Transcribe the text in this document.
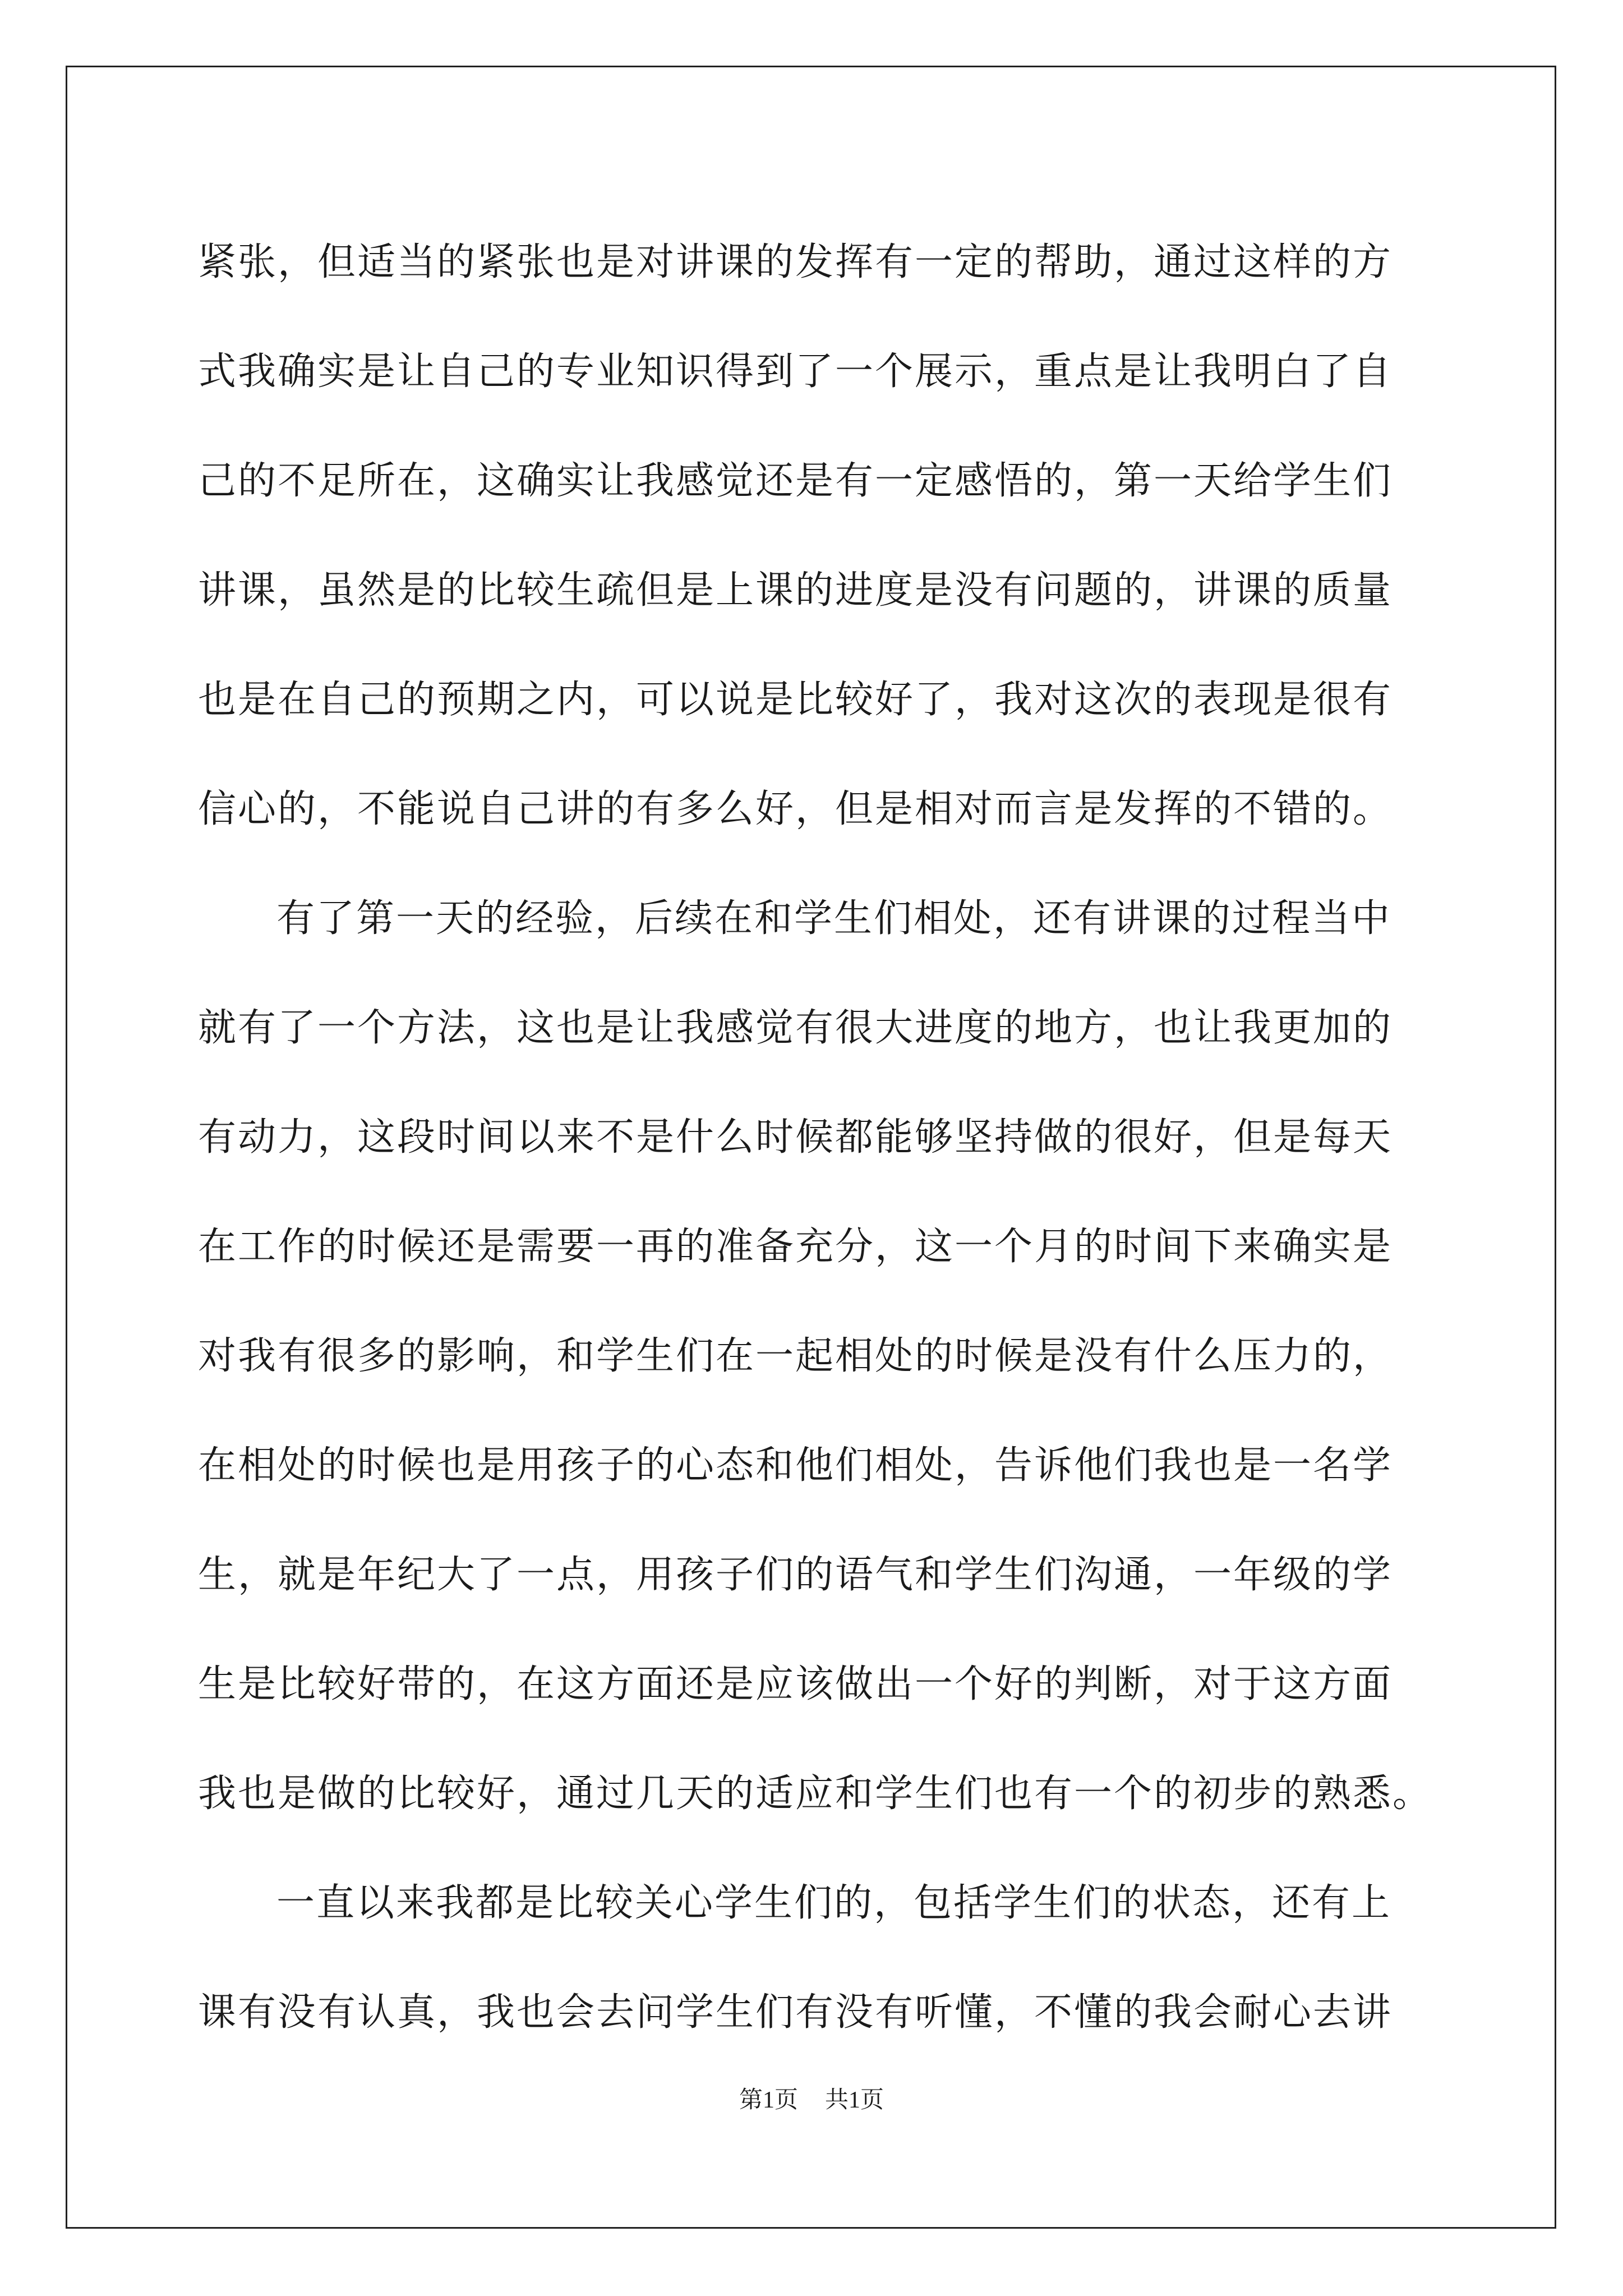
紧张，但适当的紧张也是对讲课的发挥有一定的帮助，通过这样的方
式我确实是让自己的专业知识得到了一个展示，重点是让我明白了自
己的不足所在，这确实让我感觉还是有一定感悟的，第一天给学生们
讲课，虽然是的比较生疏但是上课的进度是没有问题的，讲课的质量
也是在自己的预期之内，可以说是比较好了，我对这次的表现是很有
信心的，不能说自己讲的有多么好，但是相对而言是发挥的不错的。
有了第一天的经验，后续在和学生们相处，还有讲课的过程当中
就有了一个方法，这也是让我感觉有很大进度的地方，也让我更加的
有动力，这段时间以来不是什么时候都能够坚持做的很好，但是每天
在工作的时候还是需要一再的准备充分，这一个月的时间下来确实是
对我有很多的影响，和学生们在一起相处的时候是没有什么压力的，
在相处的时候也是用孩子的心态和他们相处，告诉他们我也是一名学
生，就是年纪大了一点，用孩子们的语气和学生们沟通，一年级的学
生是比较好带的，在这方面还是应该做出一个好的判断，对于这方面
我也是做的比较好，通过几天的适应和学生们也有一个的初步的熟悉。
一直以来我都是比较关心学生们的，包括学生们的状态，还有上
课有没有认真，我也会去问学生们有没有听懂，不懂的我会耐心去讲
第1页 共1页
